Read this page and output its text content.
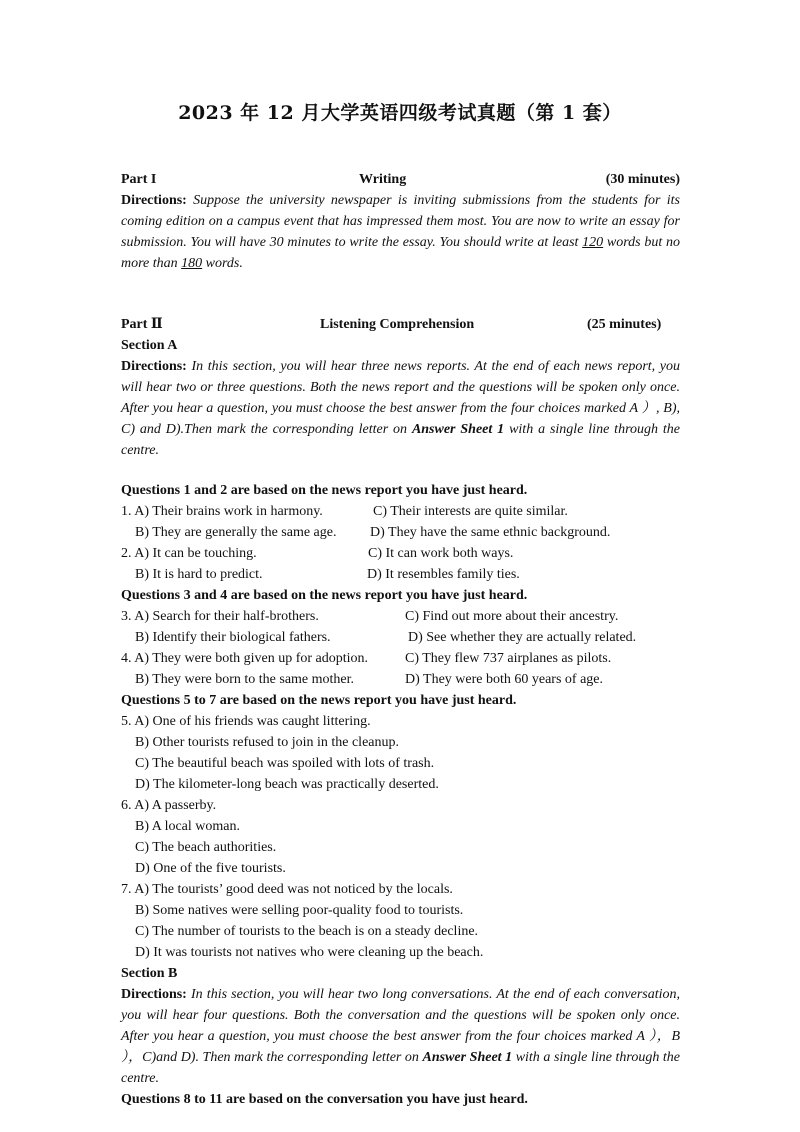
2023 年 12 月大学英语四级考试真题（第 1 套）
Part I	Writing	(30 minutes)
Directions: Suppose the university newspaper is inviting submissions from the students for its coming edition on a campus event that has impressed them most. You are now to write an essay for submission. You will have 30 minutes to write the essay. You should write at least 120 words but no more than 180 words.
Part Ⅱ	Listening Comprehension	(25 minutes)
Section A
Directions: In this section, you will hear three news reports. At the end of each news report, you will hear two or three questions. Both the news report and the questions will be spoken only once. After you hear a question, you must choose the best answer from the four choices marked A ）, B), C) and D).Then mark the corresponding letter on Answer Sheet 1 with a single line through the centre.
Questions 1 and 2 are based on the news report you have just heard.
1. A) Their brains work in harmony.	C) Their interests are quite similar.
B) They are generally the same age. D) They have the same ethnic background.
2. A) It can be touching.	C) It can work both ways.
B) It is hard to predict.	D) It resembles family ties.
Questions 3 and 4 are based on the news report you have just heard.
3. A) Search for their half-brothers.	C) Find out more about their ancestry.
B) Identify their biological fathers.	D) See whether they are actually related.
4. A) They were both given up for adoption.	C) They flew 737 airplanes as pilots.
B) They were born to the same mother.	D) They were both 60 years of age.
Questions 5 to 7 are based on the news report you have just heard.
5. A) One of his friends was caught littering.
B) Other tourists refused to join in the cleanup.
C) The beautiful beach was spoiled with lots of trash.
D) The kilometer-long beach was practically deserted.
6. A) A passerby.
B) A local woman.
C) The beach authorities.
D) One of the five tourists.
7. A) The tourists’ good deed was not noticed by the locals.
B) Some natives were selling poor-quality food to tourists.
C) The number of tourists to the beach is on a steady decline.
D) It was tourists not natives who were cleaning up the beach.
Section B
Directions: In this section, you will hear two long conversations. At the end of each conversation, you will hear four questions. Both the conversation and the questions will be spoken only once. After you hear a question, you must choose the best answer from the four choices marked A ），B ），C)and D). Then mark the corresponding letter on Answer Sheet 1 with a single line through the centre.
Questions 8 to 11 are based on the conversation you have just heard.
